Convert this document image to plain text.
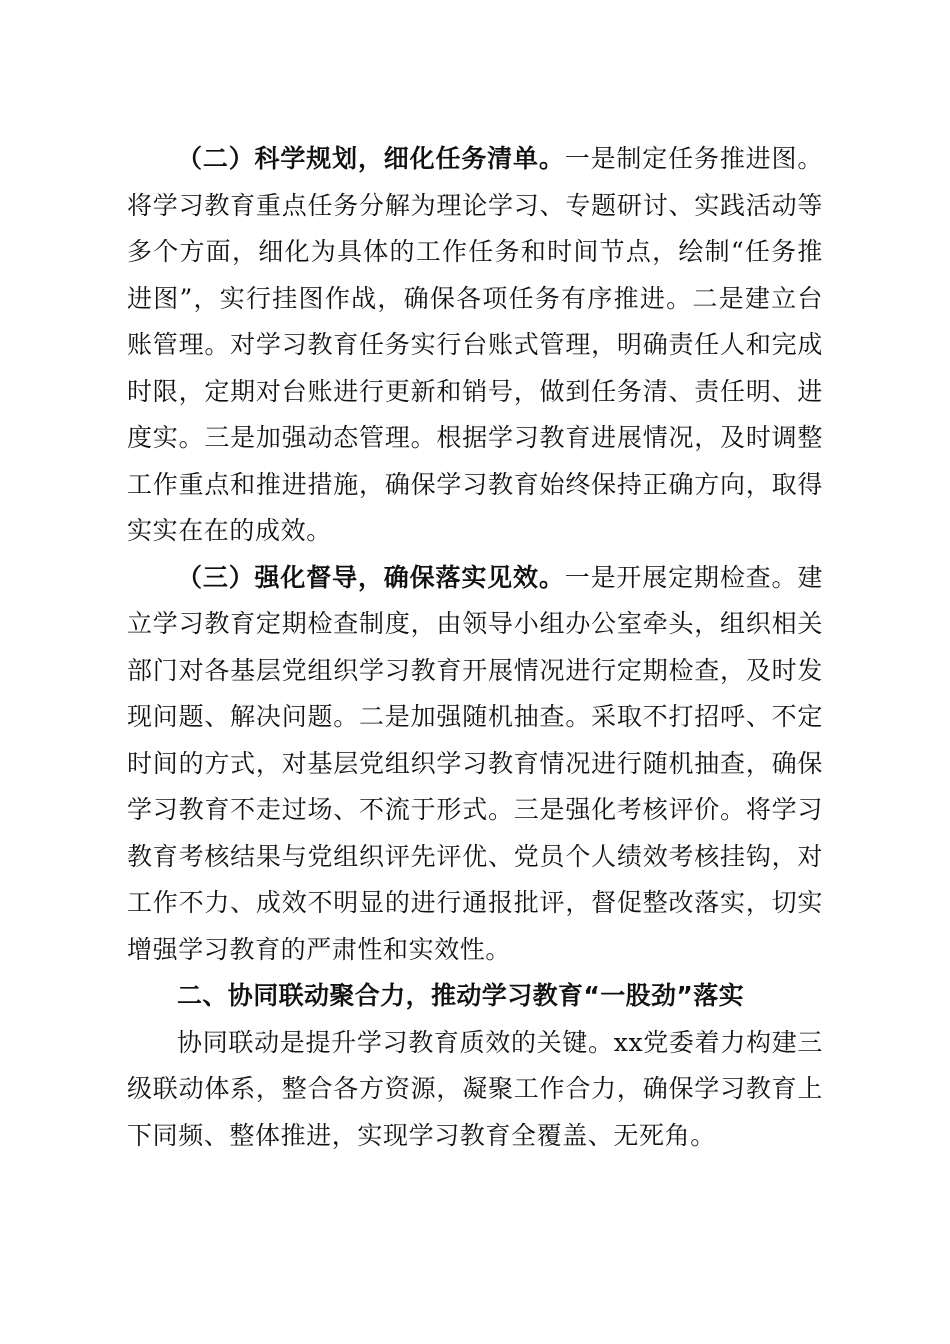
（二）科学规划，细化任务清单。一是制定任务推进图。将学习教育重点任务分解为理论学习、专题研讨、实践活动等多个方面，细化为具体的工作任务和时间节点，绘制“任务推进图”，实行挂图作战，确保各项任务有序推进。二是建立台账管理。对学习教育任务实行台账式管理，明确责任人和完成时限，定期对台账进行更新和销号，做到任务清、责任明、进度实。三是加强动态管理。根据学习教育进展情况，及时调整工作重点和推进措施，确保学习教育始终保持正确方向，取得实实在在的成效。

（三）强化督导，确保落实见效。一是开展定期检查。建立学习教育定期检查制度，由领导小组办公室牵头，组织相关部门对各基层党组织学习教育开展情况进行定期检查，及时发现问题、解决问题。二是加强随机抽查。采取不打招呼、不定时间的方式，对基层党组织学习教育情况进行随机抽查，确保学习教育不走过场、不流于形式。三是强化考核评价。将学习教育考核结果与党组织评先评优、党员个人绩效考核挂钩，对工作不力、成效不明显的进行通报批评，督促整改落实，切实增强学习教育的严肃性和实效性。

二、协同联动聚合力，推动学习教育“一股劲”落实

协同联动是提升学习教育质效的关键。xx党委着力构建三级联动体系，整合各方资源，凝聚工作合力，确保学习教育上下同频、整体推进，实现学习教育全覆盖、无死角。
